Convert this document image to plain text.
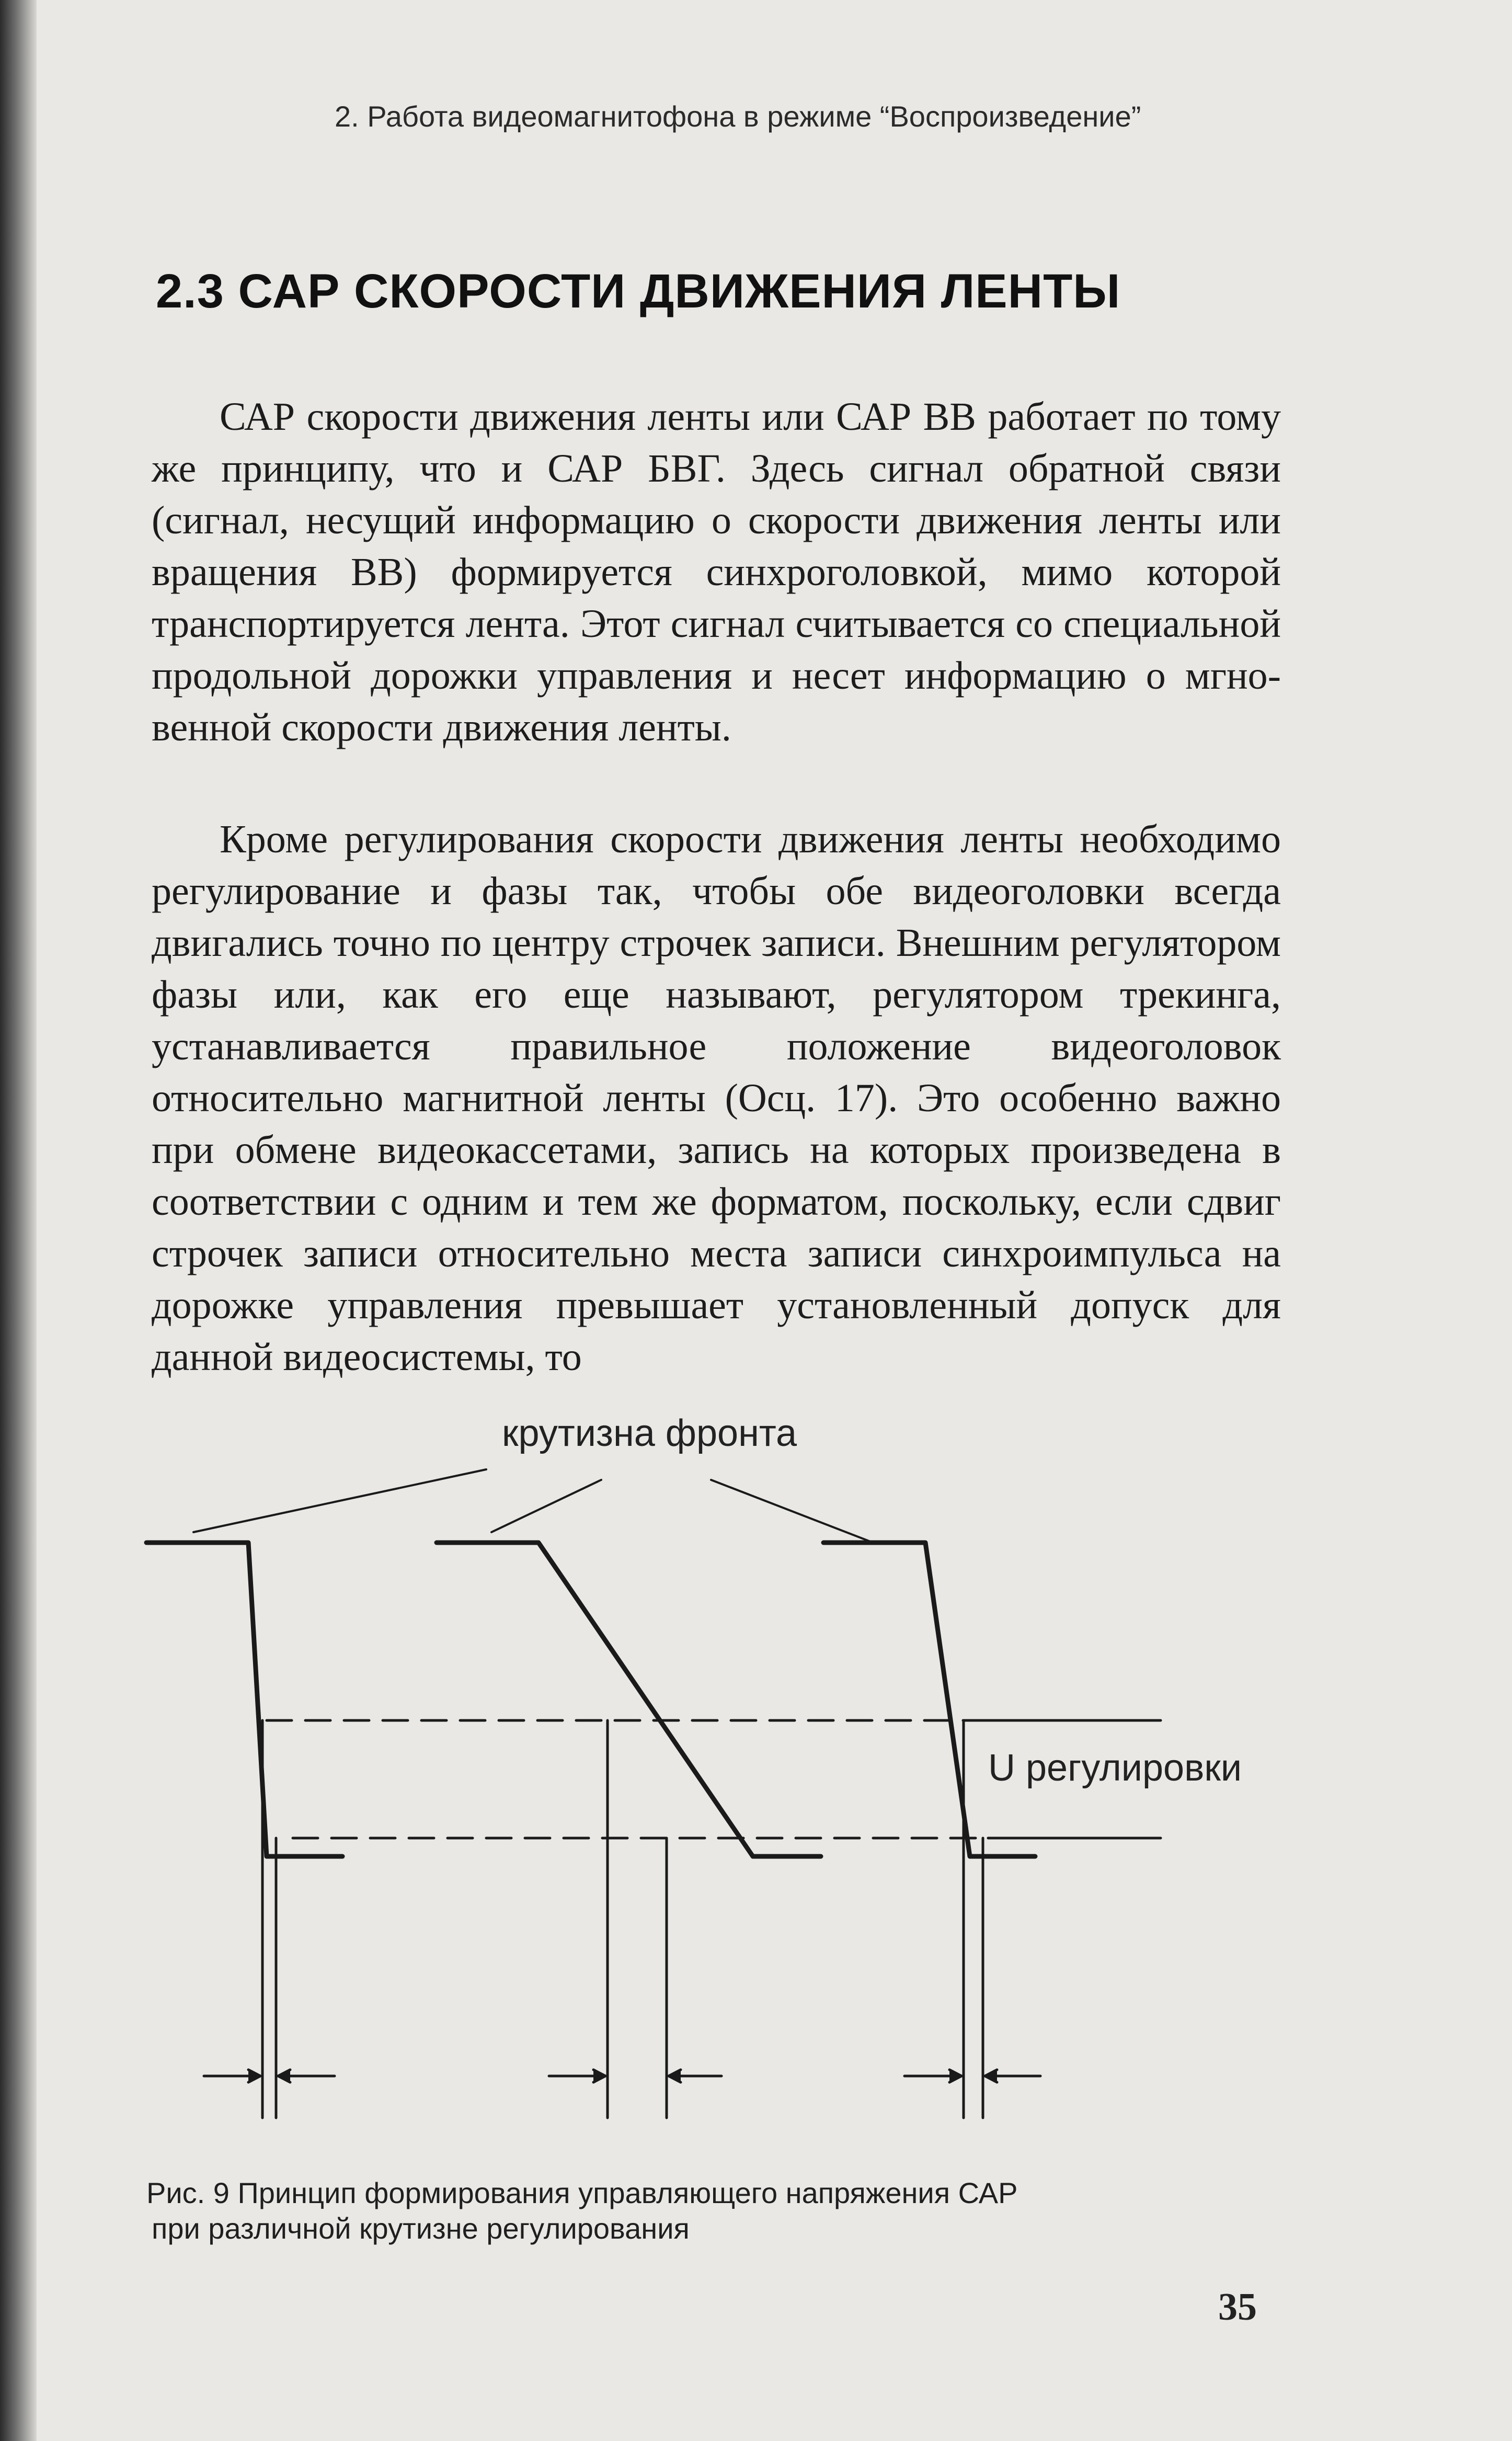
2. Работа видеомагнитофона в режиме “Воспроизведение”
2.3 САР СКОРОСТИ ДВИЖЕНИЯ ЛЕНТЫ

САР скорости движения ленты или САР ВВ работает по тому же принципу, что и САР БВГ. Здесь сигнал обратной связи (сигнал, несущий информацию о скорости движения ленты или вращения ВВ) формируется синхроголовкой, мимо которой транспортируется лента. Этот сигнал считывается со специальной продольной дорожки управления и несет информацию о мгновенной скорости движения ленты.

Кроме регулирования скорости движения ленты необходимо регулирование и фазы так, чтобы обе видеоголовки всегда двигались точно по центру строчек записи. Внешним регулятором фазы или, как его еще называют, регулятором трекинга, устанавливается правильное положение видеоголовок относительно магнитной ленты (Осц. 17). Это особенно важно при обмене видеокассетами, запись на которых произведена в соответствии с одним и тем же форматом, поскольку, если сдвиг строчек записи относительно места записи синхроимпульса на дорожке управления превышает установленный допуск для данной видеосистемы, то

крутизна фронта
U регулировки
Рис. 9 Принцип формирования управляющего напряжения САР
при различной крутизне регулирования
35
